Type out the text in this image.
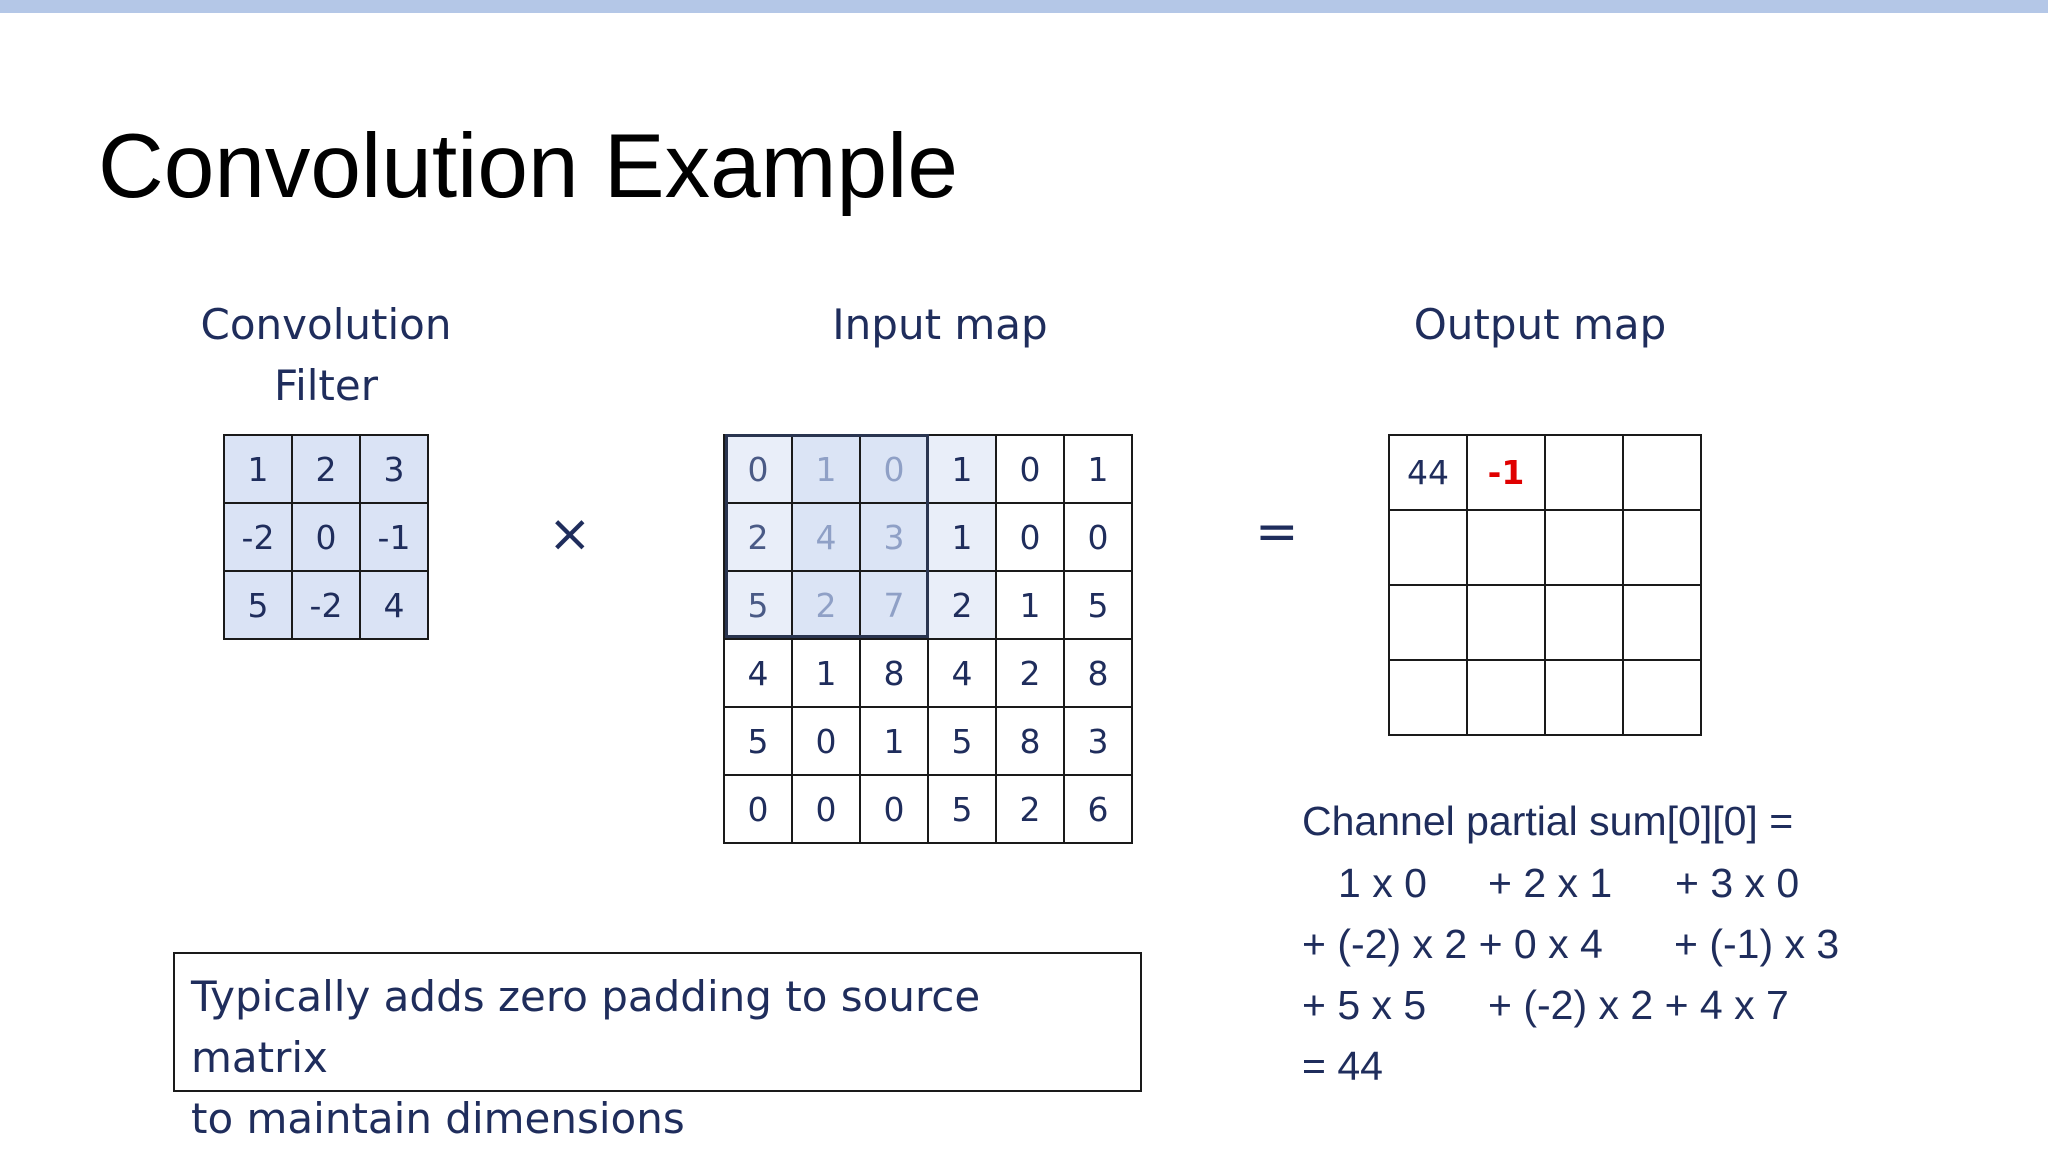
Convolution Example
Convolution
Filter
Input map	Output map
1	2	3
-2	0	-1
5	-2	4
×
0	1	0	1	0	1
2	4	3	1	0	0
5	2	7	2	1	5
4	1	8	4	2	8
5	0	1	5	8	3
0	0	0	5	2	6
=
44	-1
Typically adds zero padding to source matrix
to maintain dimensions
Channel partial sum[0][0] =
1 x 0 + 2 x 1 + 3 x 0
+ (-2) x 2 + 0 x 4 + (-1) x 3
+ 5 x 5 + (-2) x 2 + 4 x 7
= 44
